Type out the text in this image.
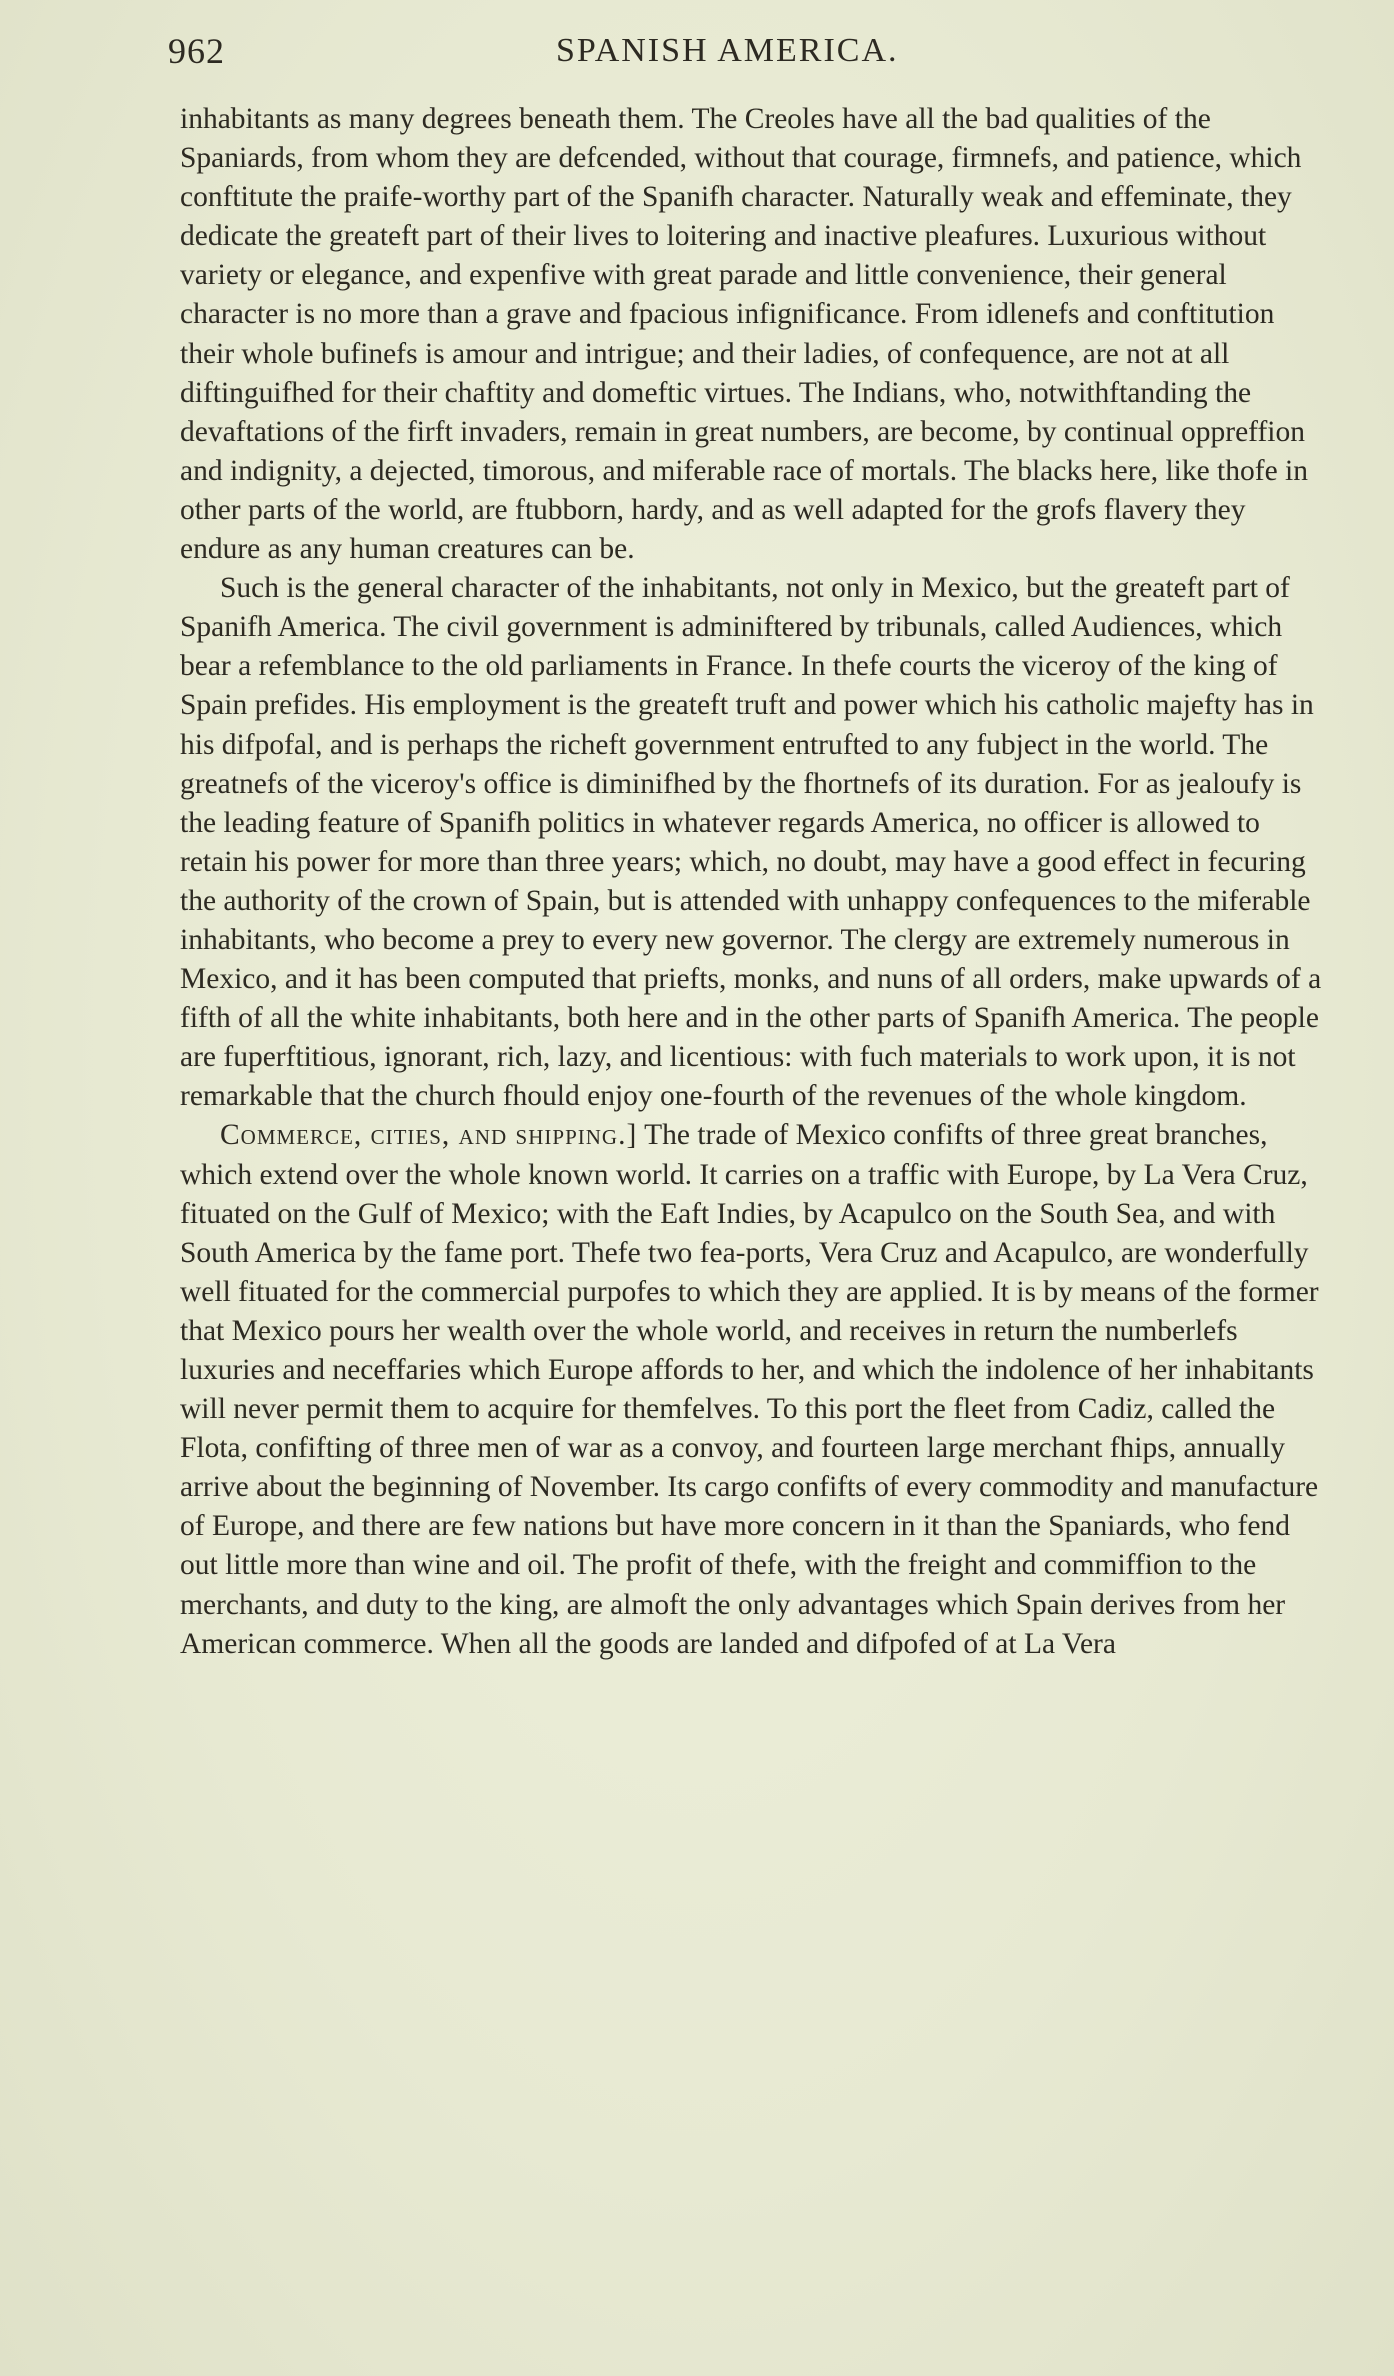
962	SPANISH AMERICA.

inhabitants as many degrees beneath them. The Creoles have all the bad qualities of the Spaniards, from whom they are defcended, without that courage, firmnefs, and patience, which conftitute the praife-worthy part of the Spanifh character. Naturally weak and effeminate, they dedicate the greateft part of their lives to loitering and inactive pleafures. Luxurious without variety or elegance, and expenfive with great parade and little convenience, their general character is no more than a grave and fpacious infignificance. From idlenefs and conftitution their whole bufinefs is amour and intrigue; and their ladies, of confequence, are not at all diftinguifhed for their chaftity and domeftic virtues. The Indians, who, notwithftanding the devaftations of the firft invaders, remain in great numbers, are become, by continual oppreffion and indignity, a dejected, timorous, and miferable race of mortals. The blacks here, like thofe in other parts of the world, are ftubborn, hardy, and as well adapted for the grofs flavery they endure as any human creatures can be.

Such is the general character of the inhabitants, not only in Mexico, but the greateft part of Spanifh America. The civil government is adminiftered by tribunals, called Audiences, which bear a refemblance to the old parliaments in France. In thefe courts the viceroy of the king of Spain prefides. His employment is the greateft truft and power which his catholic majefty has in his difpofal, and is perhaps the richeft government entrufted to any fubject in the world. The greatnefs of the viceroy's office is diminifhed by the fhortnefs of its duration. For as jealoufy is the leading feature of Spanifh politics in whatever regards America, no officer is allowed to retain his power for more than three years; which, no doubt, may have a good effect in fecuring the authority of the crown of Spain, but is attended with unhappy confequences to the miferable inhabitants, who become a prey to every new governor. The clergy are extremely numerous in Mexico, and it has been computed that priefts, monks, and nuns of all orders, make upwards of a fifth of all the white inhabitants, both here and in the other parts of Spanifh America. The people are fuperftitious, ignorant, rich, lazy, and licentious: with fuch materials to work upon, it is not remarkable that the church fhould enjoy one-fourth of the revenues of the whole kingdom.

Commerce, cities, and shipping.] The trade of Mexico confifts of three great branches, which extend over the whole known world. It carries on a traffic with Europe, by La Vera Cruz, fituated on the Gulf of Mexico; with the Eaft Indies, by Acapulco on the South Sea, and with South America by the fame port. Thefe two fea-ports, Vera Cruz and Acapulco, are wonderfully well fituated for the commercial purpofes to which they are applied. It is by means of the former that Mexico pours her wealth over the whole world, and receives in return the numberlefs luxuries and neceffaries which Europe affords to her, and which the indolence of her inhabitants will never permit them to acquire for themfelves. To this port the fleet from Cadiz, called the Flota, confifting of three men of war as a convoy, and fourteen large merchant fhips, annually arrive about the beginning of November. Its cargo confifts of every commodity and manufacture of Europe, and there are few nations but have more concern in it than the Spaniards, who fend out little more than wine and oil. The profit of thefe, with the freight and commiffion to the merchants, and duty to the king, are almoft the only advantages which Spain derives from her American commerce. When all the goods are landed and difpofed of at La Vera
